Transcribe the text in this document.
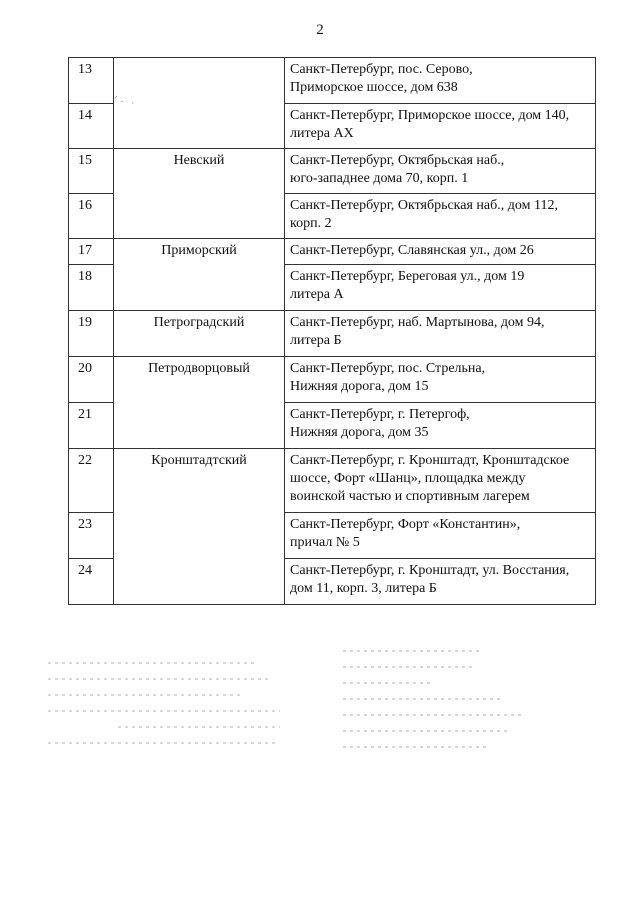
2
13		Санкт-Петербург, пос. Серово,
Приморское шоссе, дом 638
14		Санкт-Петербург, Приморское шоссе, дом 140,
литера АХ
15	Невский	Санкт-Петербург, Октябрьская наб.,
юго-западнее дома 70, корп. 1
16		Санкт-Петербург, Октябрьская наб., дом 112,
корп. 2
17	Приморский	Санкт-Петербург, Славянская ул., дом 26
18		Санкт-Петербург, Береговая ул., дом 19
литера А
19	Петроградский	Санкт-Петербург, наб. Мартынова, дом 94,
литера Б
20	Петродворцовый	Санкт-Петербург, пос. Стрельна,
Нижняя дорога, дом 15
21		Санкт-Петербург, г. Петергоф,
Нижняя дорога, дом 35
22	Кронштадтский	Санкт-Петербург, г. Кронштадт, Кронштадское
шоссе, Форт «Шанц», площадка между
воинской частью и спортивным лагерем
23		Санкт-Петербург, Форт «Константин»,
причал № 5
24		Санкт-Петербург, г. Кронштадт, ул. Восстания,
дом 11, корп. 3, литера Б
ᐟ. ˏ
